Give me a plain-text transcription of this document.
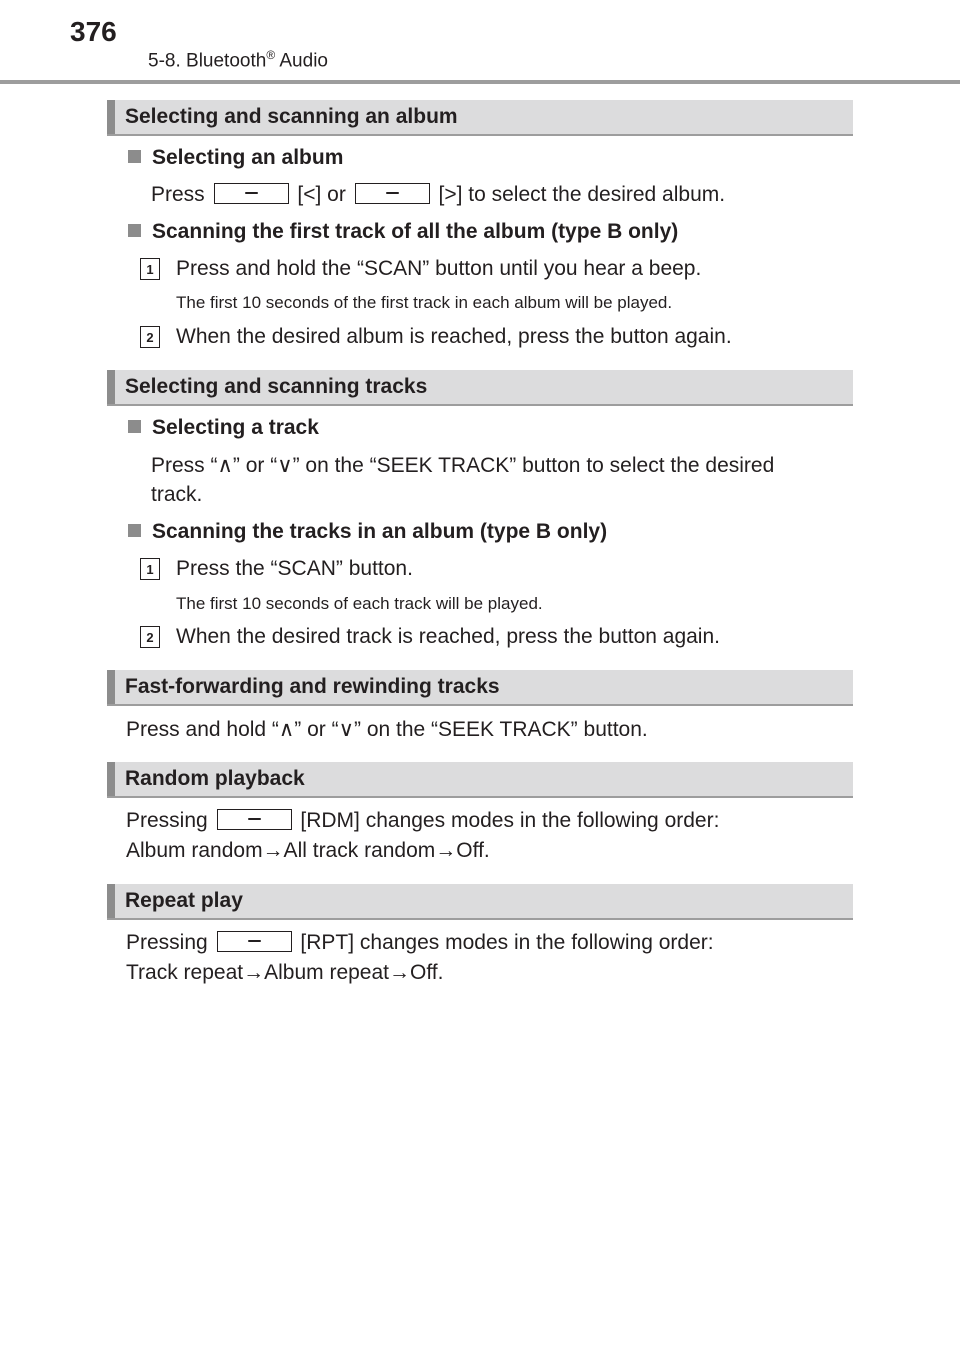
376
5-8. Bluetooth® Audio
Selecting and scanning an album
Selecting an album
Press	[<] or	[>] to select the desired album.
Scanning the first track of all the album (type B only)
1	Press and hold the “SCAN” button until you hear a beep.
The first 10 seconds of the first track in each album will be played.
2	When the desired album is reached, press the button again.
Selecting and scanning tracks
Selecting a track
Press “∧” or “∨” on the “SEEK TRACK” button to select the desired
track.
Scanning the tracks in an album (type B only)
1	Press the “SCAN” button.
The first 10 seconds of each track will be played.
2	When the desired track is reached, press the button again.
Fast-forwarding and rewinding tracks
Press and hold “∧” or “∨” on the “SEEK TRACK” button.
Random playback
Pressing	[RDM] changes modes in the following order:
Album random→All track random→Off.
Repeat play
Pressing	[RPT] changes modes in the following order:
Track repeat→Album repeat→Off.
